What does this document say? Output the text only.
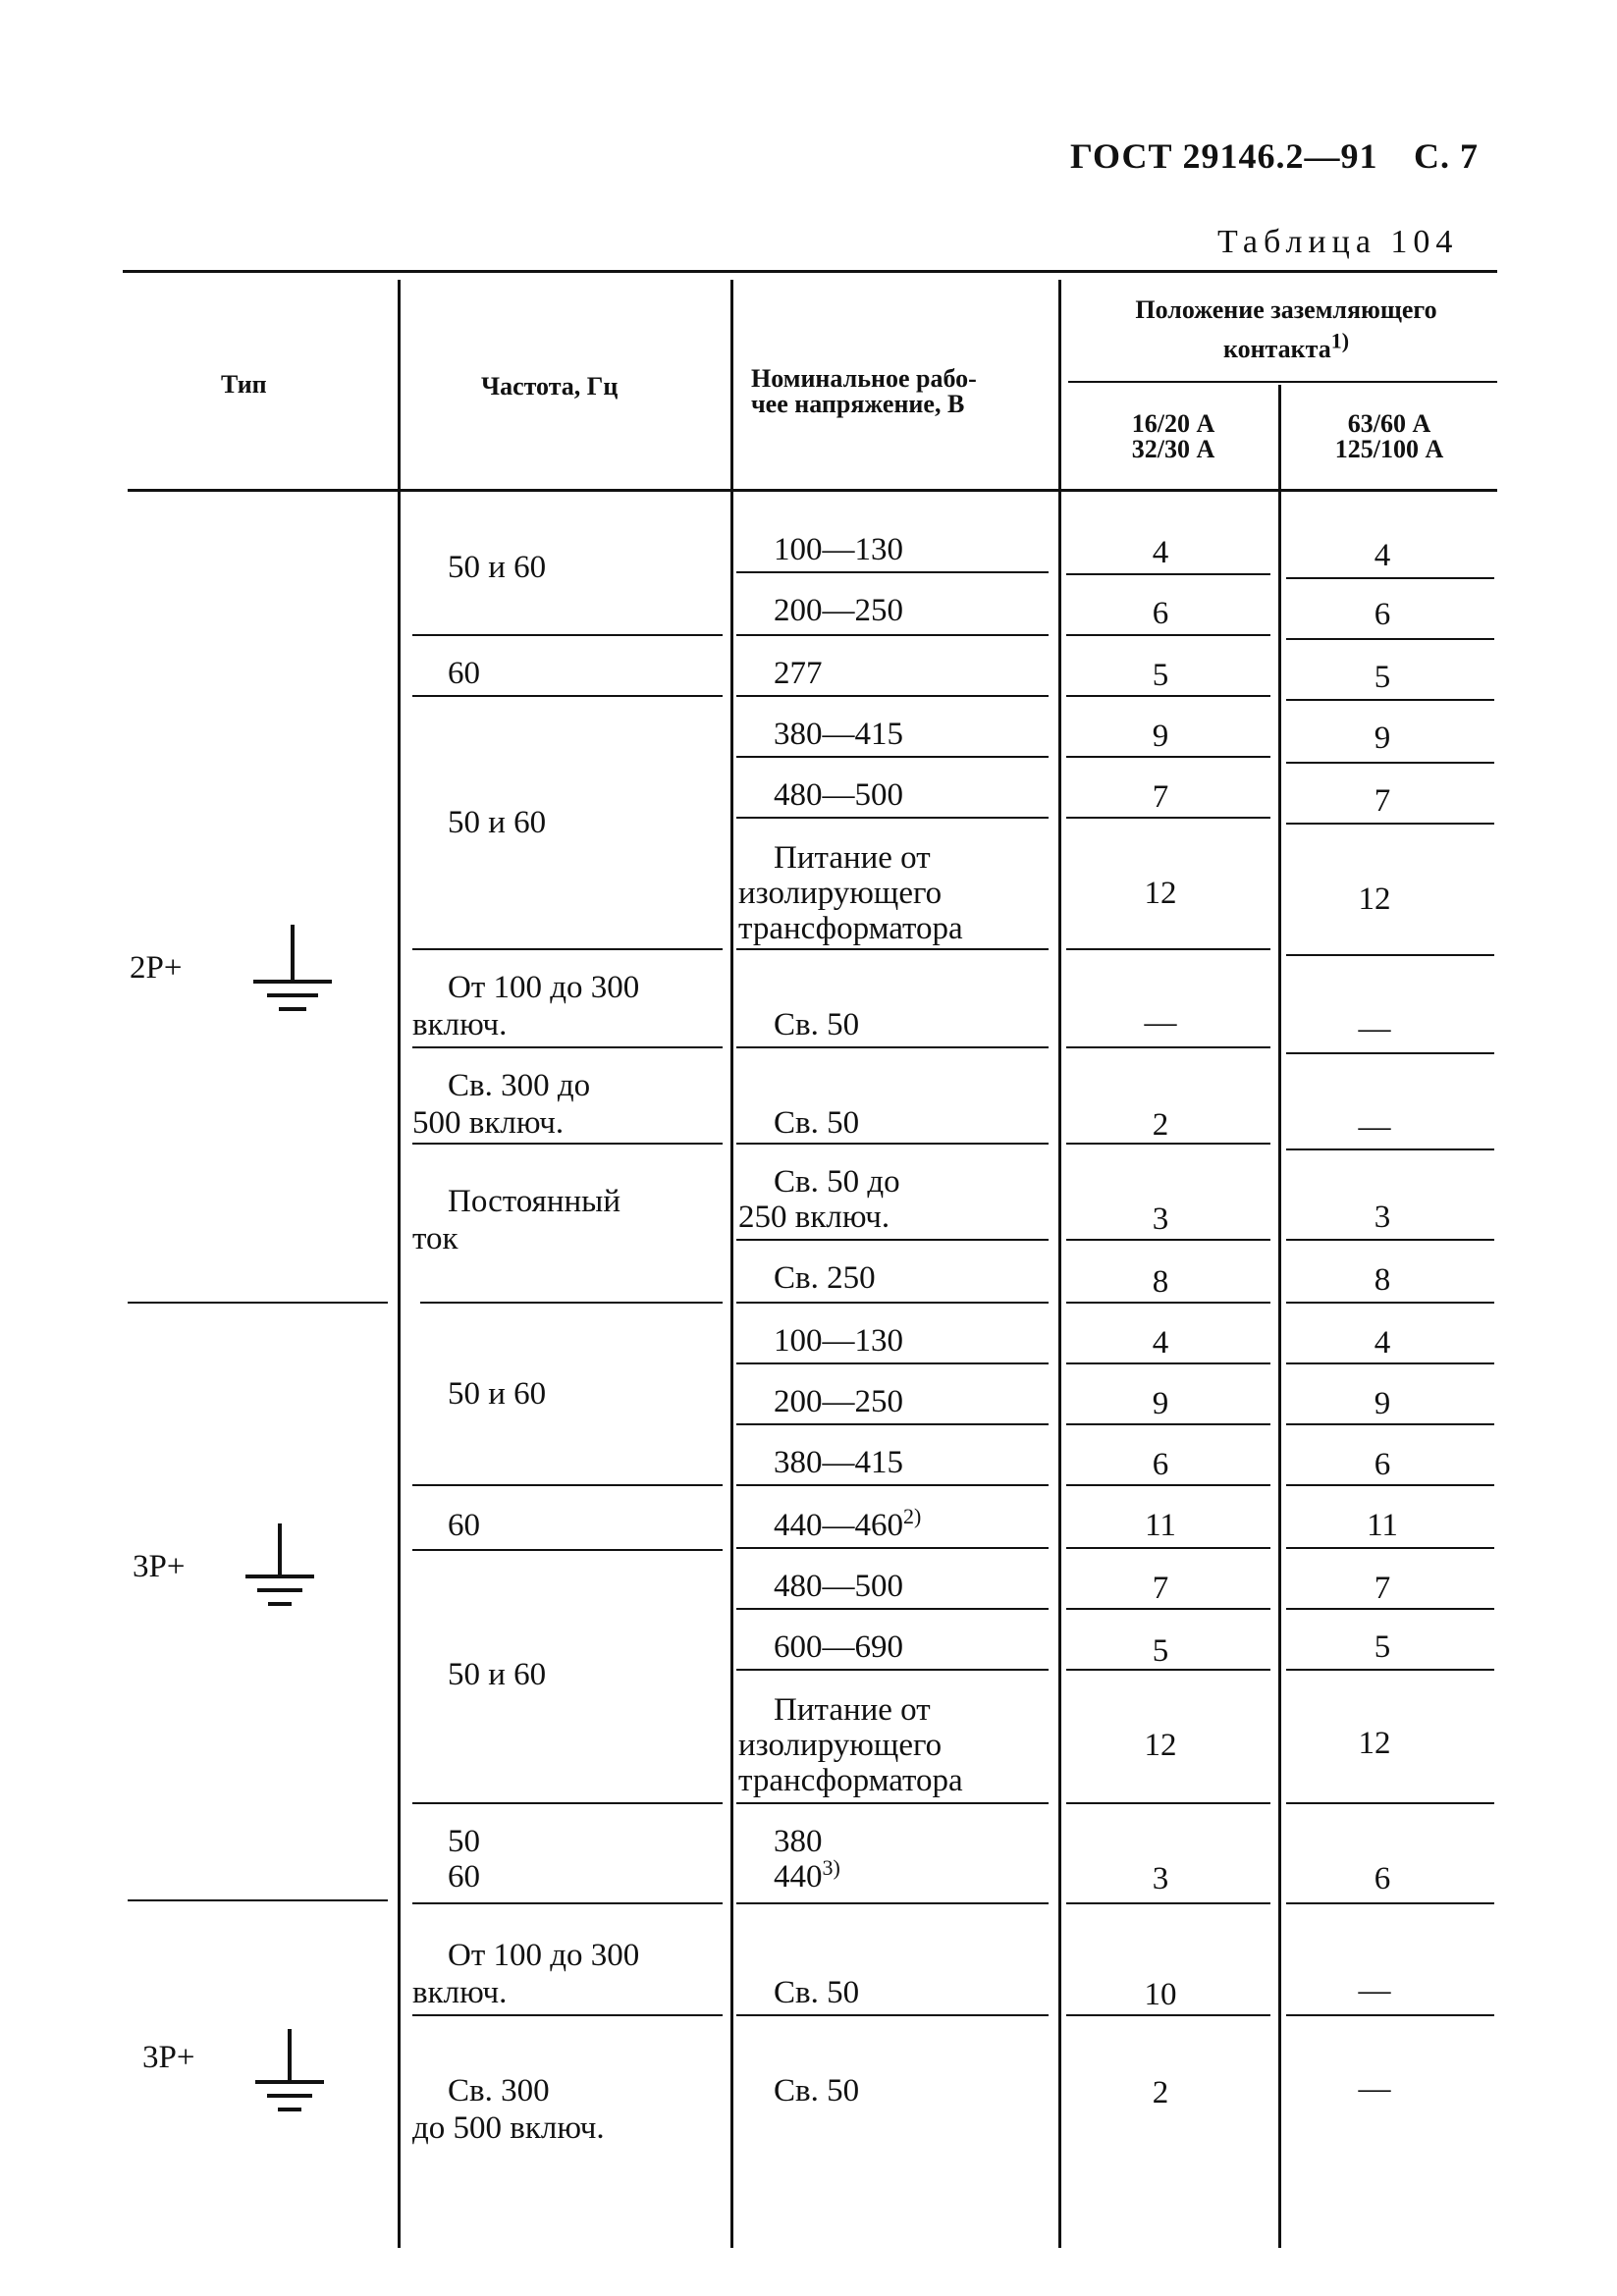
ГОСТ 29146.2—91 С. 7
Таблица 104
Тип	Частота, Гц	Номинальное рабо-
чее напряжение, В
Положение заземляющего
контакта$^{1)}$
16/20 А
32/30 А
63/60 А
125/100 А
2Р+
3Р+
3Р+
50 и 60
60
50 и 60
От 100 до 300
включ.
Св. 300 до
500 включ.
Постоянный
ток
50 и 60
60
50 и 60
50
60
От 100 до 300
включ.
Св. 300
до 500 включ.
100—130
200—250
277
380—415
480—500
Питание от
изолирующего
трансформатора
Св. 50
Св. 50
Св. 50 до
250 включ.
Св. 250
100—130
200—250
380—415
440—460$^{2)}$
480—500
600—690
Питание от
изолирующего
трансформатора
380
440$^{3)}$
Св. 50
Св. 50
4
6
5
9
7
12
—
2
3
8
4
9
6
11
7
5
12
3
10
2
4
6
5
9
7
12
—
—
3
8
4
9
6
11
7
5
12
6
—
—
